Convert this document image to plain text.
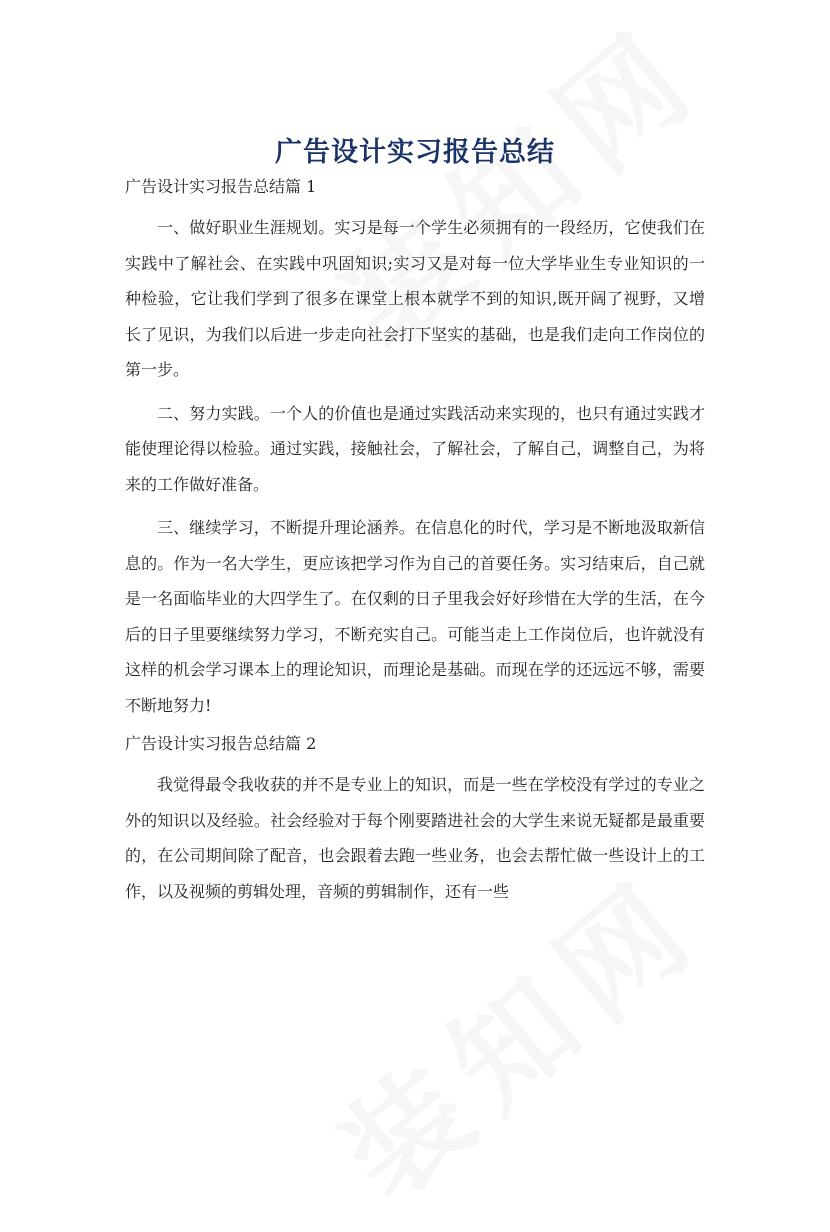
广告设计实习报告总结
广告设计实习报告总结篇 1

一、做好职业生涯规划。实习是每一个学生必须拥有的一段经历，它使我们在实践中了解社会、在实践中巩固知识;实习又是对每一位大学毕业生专业知识的一种检验，它让我们学到了很多在课堂上根本就学不到的知识,既开阔了视野，又增长了见识，为我们以后进一步走向社会打下坚实的基础，也是我们走向工作岗位的第一步。

二、努力实践。一个人的价值也是通过实践活动来实现的，也只有通过实践才能使理论得以检验。通过实践，接触社会，了解社会，了解自己，调整自己，为将来的工作做好准备。

三、继续学习，不断提升理论涵养。在信息化的时代，学习是不断地汲取新信息的。作为一名大学生，更应该把学习作为自己的首要任务。实习结束后，自己就是一名面临毕业的大四学生了。在仅剩的日子里我会好好珍惜在大学的生活，在今后的日子里要继续努力学习，不断充实自己。可能当走上工作岗位后，也许就没有这样的机会学习课本上的理论知识，而理论是基础。而现在学的还远远不够，需要不断地努力!

广告设计实习报告总结篇 2

我觉得最令我收获的并不是专业上的知识，而是一些在学校没有学过的专业之外的知识以及经验。社会经验对于每个刚要踏进社会的大学生来说无疑都是最重要的，在公司期间除了配音，也会跟着去跑一些业务，也会去帮忙做一些设计上的工作，以及视频的剪辑处理，音频的剪辑制作，还有一些
